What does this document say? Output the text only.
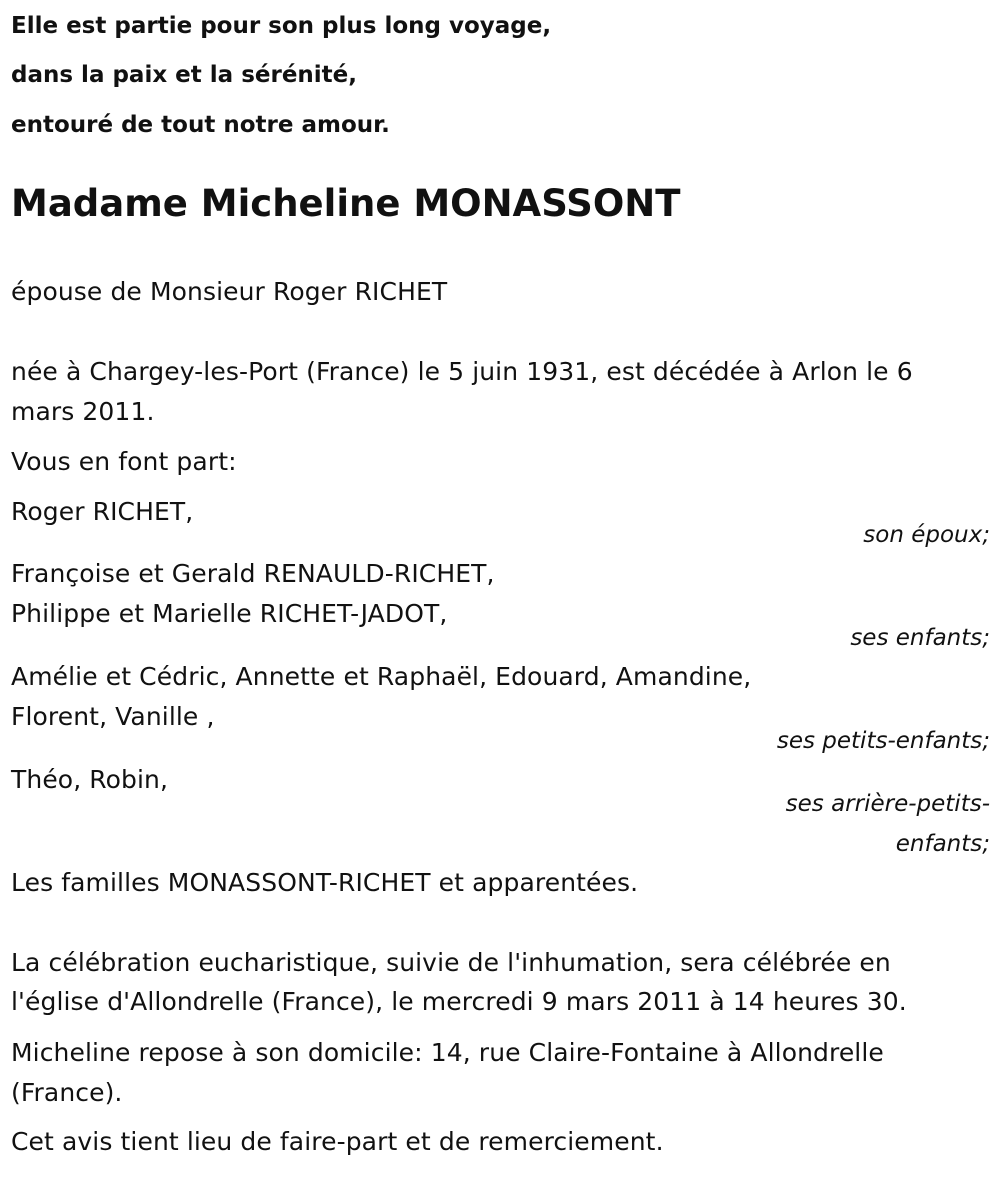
Elle est partie pour son plus long voyage,
dans la paix et la sérénité,
entouré de tout notre amour.
Madame Micheline MONASSONT
épouse de Monsieur Roger RICHET
née à Chargey-les-Port (France) le 5 juin 1931, est décédée à Arlon le 6
mars 2011.
Vous en font part:
Roger RICHET,
son époux;
Françoise et Gerald RENAULD-RICHET,
Philippe et Marielle RICHET-JADOT,
ses enfants;
Amélie et Cédric, Annette et Raphaël, Edouard, Amandine,
Florent, Vanille ,
ses petits-enfants;
Théo, Robin,
ses arrière-petits-
enfants;
Les familles MONASSONT-RICHET et apparentées.
La célébration eucharistique, suivie de l'inhumation, sera célébrée en
l'église d'Allondrelle (France), le mercredi 9 mars 2011 à 14 heures 30.
Micheline repose à son domicile: 14, rue Claire-Fontaine à Allondrelle
(France).
Cet avis tient lieu de faire-part et de remerciement.
